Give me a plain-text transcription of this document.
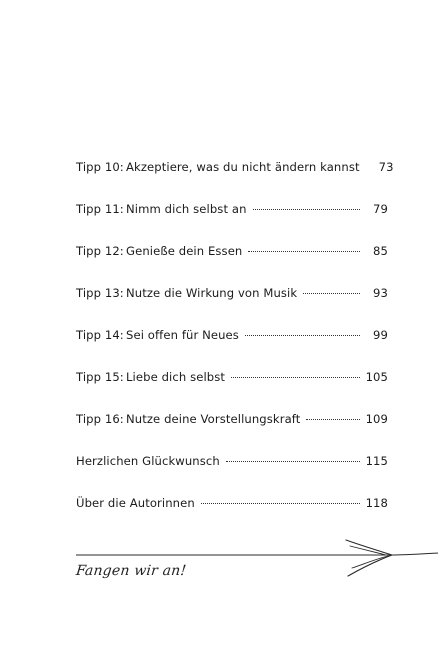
Tipp 10: Akzeptiere, was du nicht ändern kannst	73
Tipp 11: Nimm dich selbst an	79
Tipp 12: Genieße dein Essen	85
Tipp 13: Nutze die Wirkung von Musik	93
Tipp 14: Sei offen für Neues	99
Tipp 15: Liebe dich selbst	105
Tipp 16: Nutze deine Vorstellungskraft	109
Herzlichen Glückwunsch	115
Über die Autorinnen	118
Fangen wir an!
